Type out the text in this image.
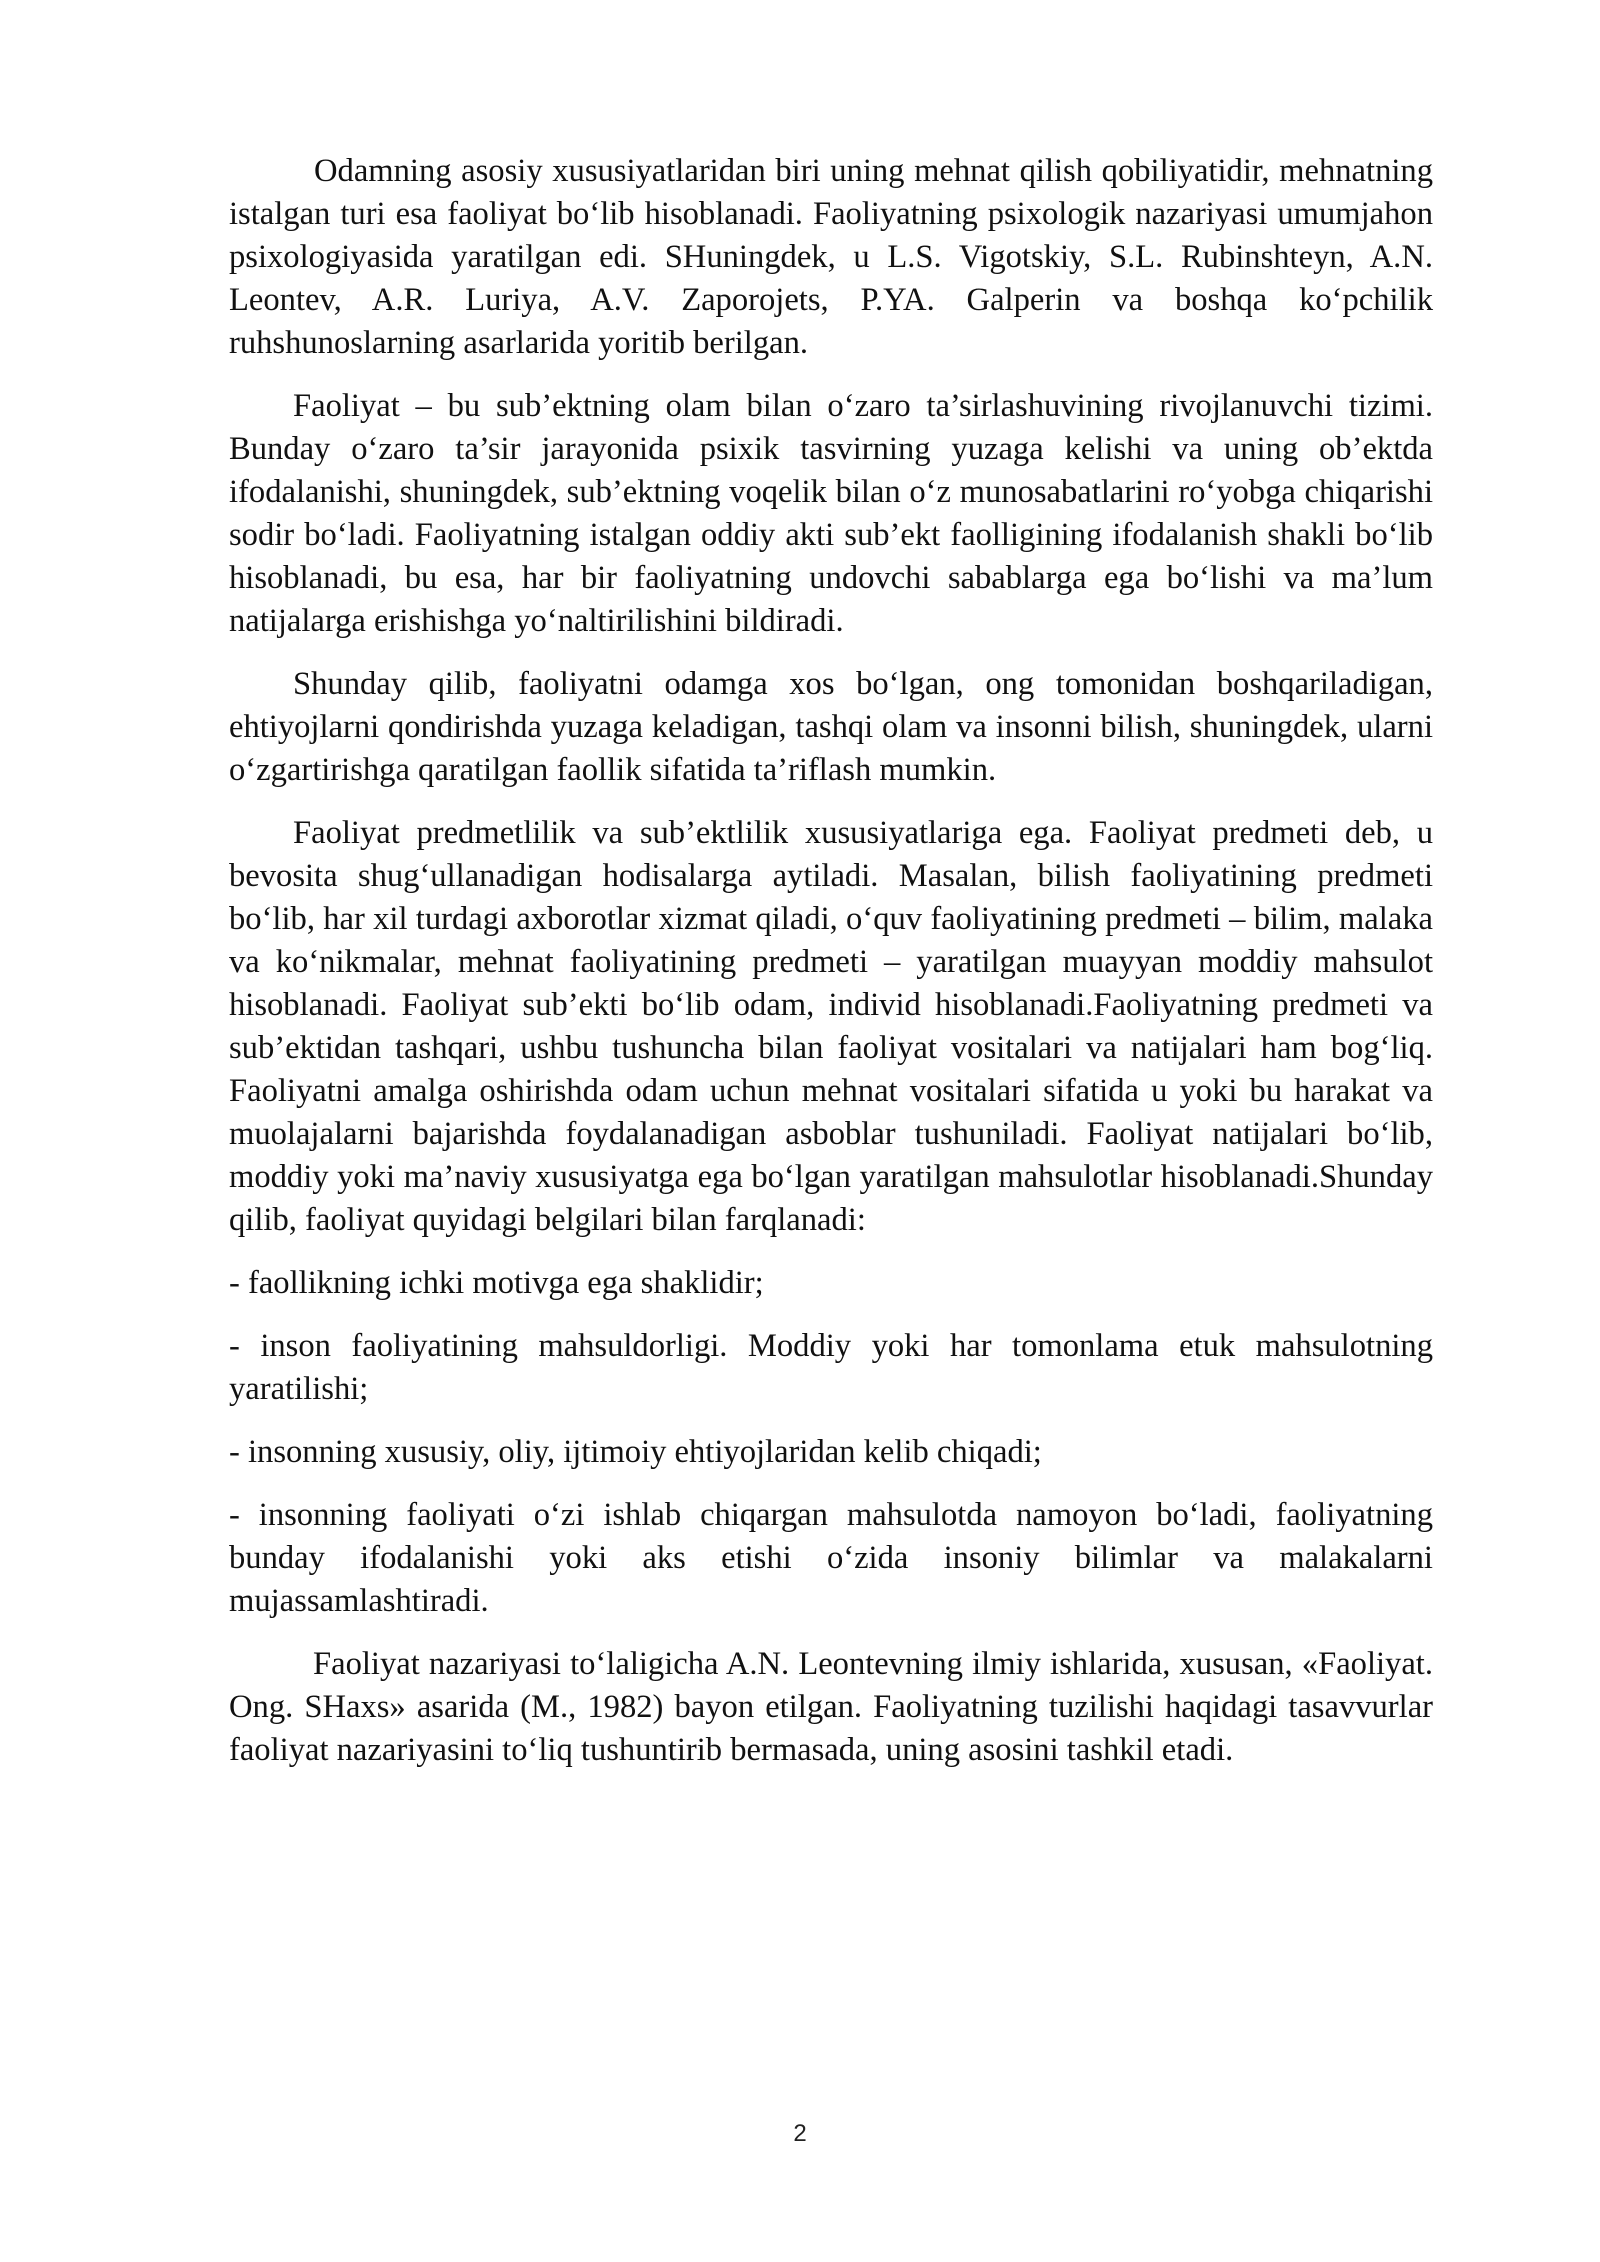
Odamning asosiy xususiyatlaridan biri uning mehnat qilish qobiliyatidir, mehnatning istalgan turi esa faoliyat bo‘lib hisoblanadi. Faoliyatning psixologik nazariyasi umumjahon psixologiyasida yaratilgan edi. SHuningdek, u L.S. Vigotskiy, S.L. Rubinshteyn, A.N. Leontev, A.R. Luriya, A.V. Zaporojets, P.YA. Galperin va boshqa ko‘pchilik ruhshunoslarning asarlarida yoritib berilgan.

Faoliyat – bu sub’ektning olam bilan o‘zaro ta’sirlashuvining rivojlanuvchi tizimi. Bunday o‘zaro ta’sir jarayonida psixik tasvirning yuzaga kelishi va uning ob’ektda ifodalanishi, shuningdek, sub’ektning voqelik bilan o‘z munosabatlarini ro‘yobga chiqarishi sodir bo‘ladi. Faoliyatning istalgan oddiy akti sub’ekt faolligining ifodalanish shakli bo‘lib hisoblanadi, bu esa, har bir faoliyatning undovchi sabablarga ega bo‘lishi va ma’lum natijalarga erishishga yo‘naltirilishini bildiradi.

Shunday qilib, faoliyatni odamga xos bo‘lgan, ong tomonidan boshqariladigan, ehtiyojlarni qondirishda yuzaga keladigan, tashqi olam va insonni bilish, shuningdek, ularni o‘zgartirishga qaratilgan faollik sifatida ta’riflash mumkin.

Faoliyat predmetlilik va sub’ektlilik xususiyatlariga ega. Faoliyat predmeti deb, u bevosita shug‘ullanadigan hodisalarga aytiladi. Masalan, bilish faoliyatining predmeti bo‘lib, har xil turdagi axborotlar xizmat qiladi, o‘quv faoliyatining predmeti – bilim, malaka va ko‘nikmalar, mehnat faoliyatining predmeti – yaratilgan muayyan moddiy mahsulot hisoblanadi. Faoliyat sub’ekti bo‘lib odam, individ hisoblanadi.Faoliyatning predmeti va sub’ektidan tashqari, ushbu tushuncha bilan faoliyat vositalari va natijalari ham bog‘liq. Faoliyatni amalga oshirishda odam uchun mehnat vositalari sifatida u yoki bu harakat va muolajalarni bajarishda foydalanadigan asboblar tushuniladi. Faoliyat natijalari bo‘lib, moddiy yoki ma’naviy xususiyatga ega bo‘lgan yaratilgan mahsulotlar hisoblanadi.Shunday qilib, faoliyat quyidagi belgilari bilan farqlanadi:

- faollikning ichki motivga ega shaklidir;

- inson faoliyatining mahsuldorligi. Moddiy yoki har tomonlama etuk mahsulotning yaratilishi;

- insonning xususiy, oliy, ijtimoiy ehtiyojlaridan kelib chiqadi;

- insonning faoliyati o‘zi ishlab chiqargan mahsulotda namoyon bo‘ladi, faoliyatning bunday ifodalanishi yoki aks etishi o‘zida insoniy bilimlar va malakalarni mujassamlashtiradi.

Faoliyat nazariyasi to‘laligicha A.N. Leontevning ilmiy ishlarida, xususan, «Faoliyat. Ong. SHaxs» asarida (M., 1982) bayon etilgan. Faoliyatning tuzilishi haqidagi tasavvurlar faoliyat nazariyasini to‘liq tushuntirib bermasada, uning asosini tashkil etadi.

2
